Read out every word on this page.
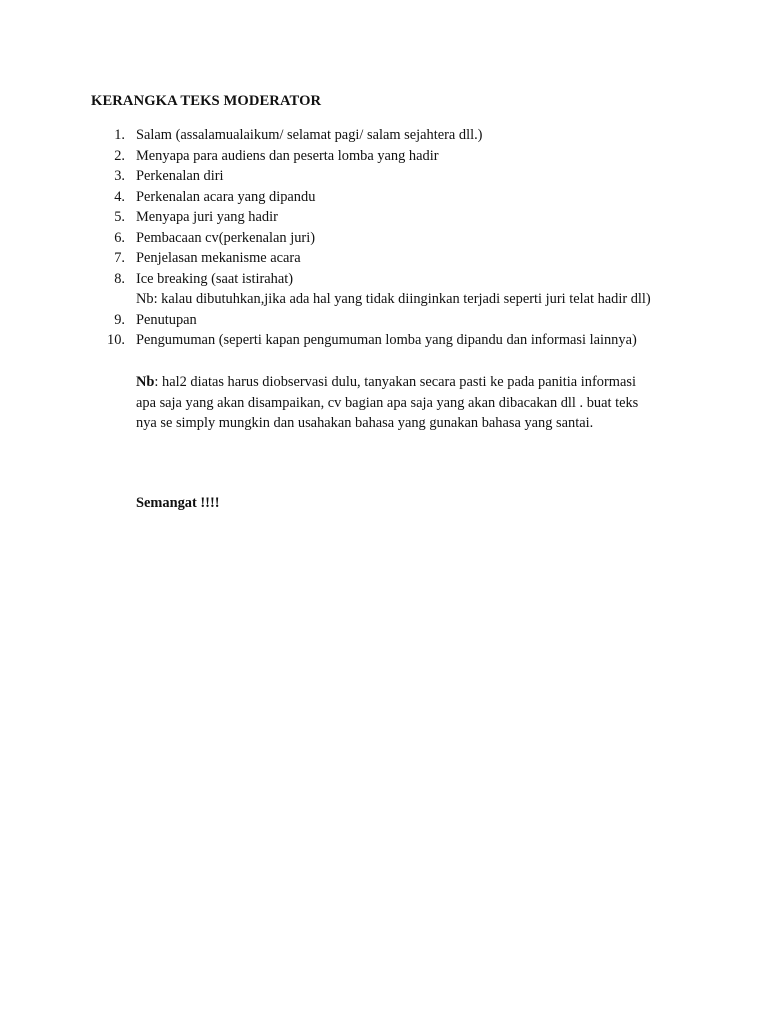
KERANGKA TEKS MODERATOR
1. Salam (assalamualaikum/ selamat pagi/ salam sejahtera dll.)
2. Menyapa para audiens dan peserta lomba yang hadir
3. Perkenalan diri
4. Perkenalan acara yang dipandu
5. Menyapa juri yang hadir
6. Pembacaan cv(perkenalan juri)
7. Penjelasan mekanisme acara
8. Ice breaking (saat istirahat)
Nb: kalau dibutuhkan,jika ada hal yang tidak diinginkan terjadi seperti juri telat hadir dll)
9. Penutupan
10. Pengumuman (seperti kapan pengumuman lomba yang dipandu dan informasi lainnya)
Nb: hal2 diatas harus diobservasi dulu, tanyakan secara pasti ke pada panitia informasi
apa saja yang akan disampaikan, cv bagian apa saja yang akan dibacakan dll . buat teks
nya se simply mungkin dan usahakan bahasa yang gunakan bahasa yang santai.
Semangat !!!!
